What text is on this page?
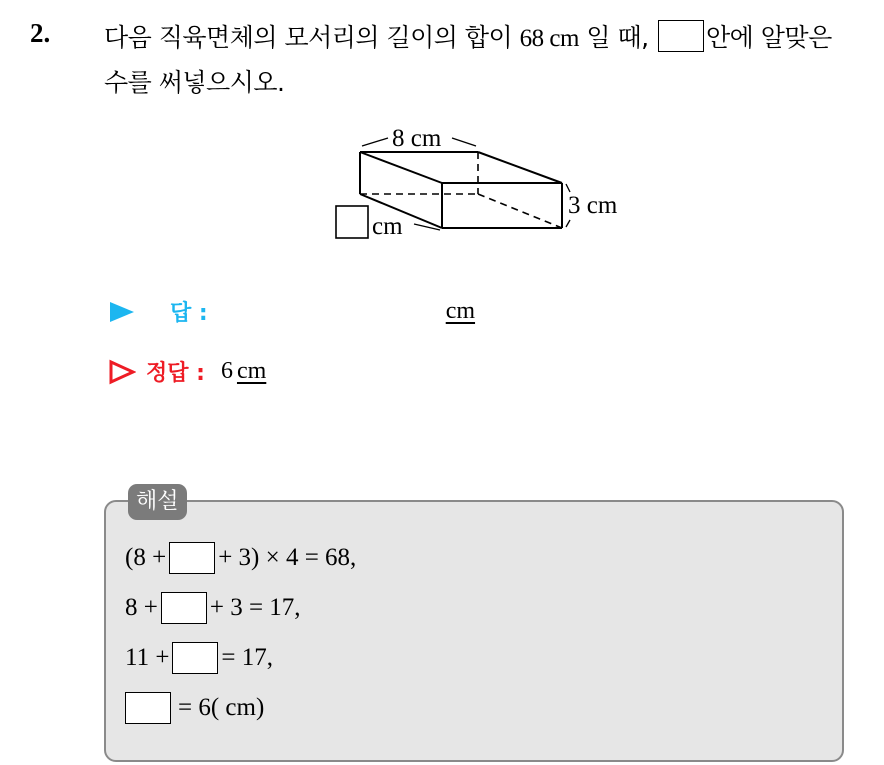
2. 다음 직육면체의 모서리의 길이의 합이 68 cm 일 때, 안에 알맞은
수를 써넣으시오.
8 cm
3 cm
cm
답 :	cm
정답 : 6 cm
해설
(8 + + 3) × 4 = 68,
8 + + 3 = 17,
11 + = 17,
= 6( cm)
